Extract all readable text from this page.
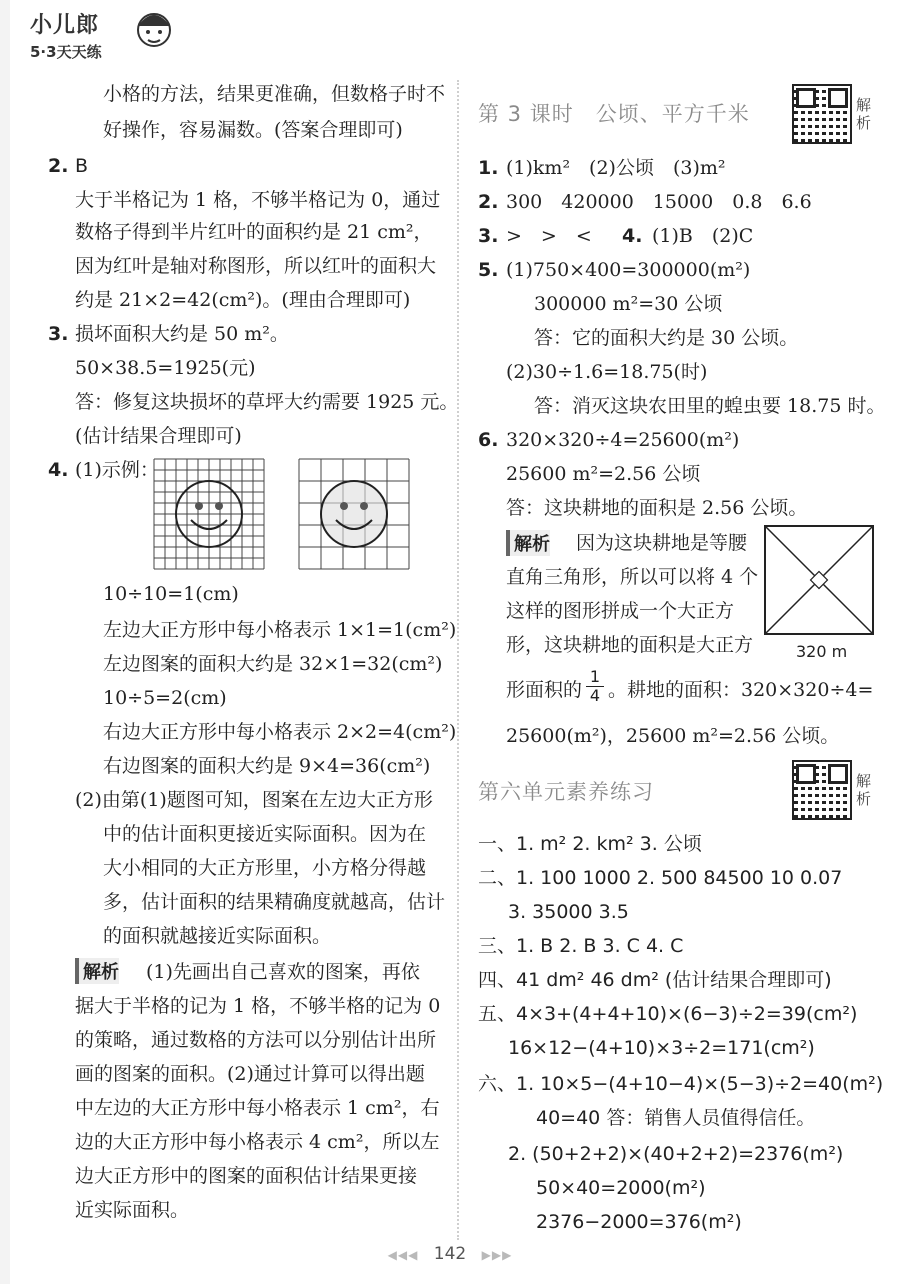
小儿郎
5·3天天练
小格的方法，结果更准确，但数格子时不
好操作，容易漏数。(答案合理即可)
2. B
大于半格记为 1 格，不够半格记为 0，通过
数格子得到半片红叶的面积约是 21 cm²，
因为红叶是轴对称图形，所以红叶的面积大
约是 21×2=42(cm²)。(理由合理即可)
3. 损坏面积大约是 50 m²。
50×38.5=1925(元)
答：修复这块损坏的草坪大约需要 1925 元。
(估计结果合理即可)
4. (1)示例：
10÷10=1(cm)
左边大正方形中每小格表示 1×1=1(cm²)
左边图案的面积大约是 32×1=32(cm²)
10÷5=2(cm)
右边大正方形中每小格表示 2×2=4(cm²)
右边图案的面积大约是 9×4=36(cm²)
(2)由第(1)题图可知，图案在左边大正方形
中的估计面积更接近实际面积。因为在
大小相同的大正方形里，小方格分得越
多，估计面积的结果精确度就越高，估计
的面积就越接近实际面积。
解析 (1)先画出自己喜欢的图案，再依
据大于半格的记为 1 格，不够半格的记为 0
的策略，通过数格的方法可以分别估计出所
画的图案的面积。(2)通过计算可以得出题
中左边的大正方形中每小格表示 1 cm²，右
边的大正方形中每小格表示 4 cm²，所以左
边大正方形中的图案的面积估计结果更接
近实际面积。
第 3 课时　公顷、平方千米	解析
1. (1)km²　(2)公顷　(3)m²
2. 300　420000　15000　0.8　6.6
3. >　>　< 4. (1)B　(2)C
5. (1)750×400=300000(m²)
300000 m²=30 公顷
答：它的面积大约是 30 公顷。
(2)30÷1.6=18.75(时)
答：消灭这块农田里的蝗虫要 18.75 时。
6. 320×320÷4=25600(m²)
25600 m²=2.56 公顷
答：这块耕地的面积是 2.56 公顷。
解析 因为这块耕地是等腰
直角三角形，所以可以将 4 个
这样的图形拼成一个大正方
形，这块耕地的面积是大正方	320 m
形面积的 $\frac{1}{4}$ 。耕地的面积：320×320÷4=
25600(m²)，25600 m²=2.56 公顷。
第六单元素养练习	解析
一、1. m² 2. km² 3. 公顷
二、1. 100 1000 2. 500 84500 10 0.07
3. 35000 3.5
三、1. B 2. B 3. C 4. C
四、41 dm² 46 dm² (估计结果合理即可)
五、4×3+(4+4+10)×(6−3)÷2=39(cm²)
16×12−(4+10)×3÷2=171(cm²)
六、1. 10×5−(4+10−4)×(5−3)÷2=40(m²)
40=40 答：销售人员值得信任。
2. (50+2+2)×(40+2+2)=2376(m²)
50×40=2000(m²)
2376−2000=376(m²)
◀◀◀ 142 ▶▶▶
